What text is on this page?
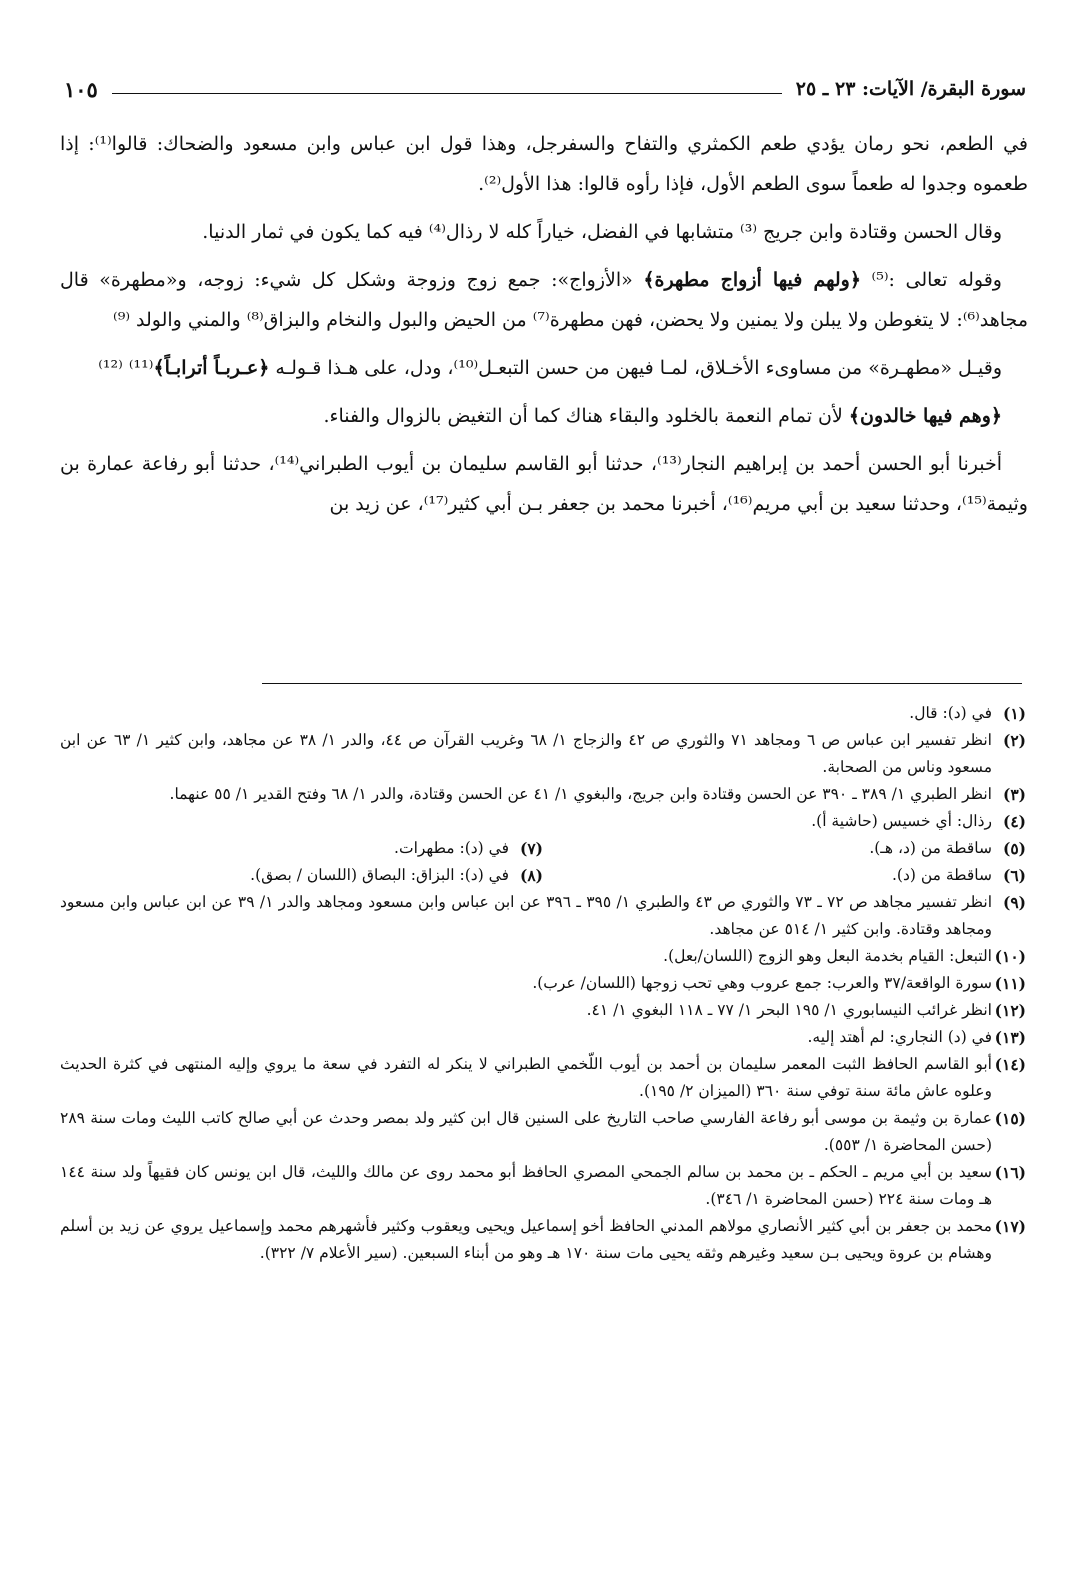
سورة البقرة/ الآيات: ٢٣ ـ ٢٥
١٠٥

في الطعم، نحو رمان يؤدي طعم الكمثري والتفاح والسفرجل، وهذا قول ابن عباس وابن مسعود والضحاك: قالوا⁽¹⁾: إذا طعموه وجدوا له طعماً سوى الطعم الأول، فإذا رأوه قالوا: هذا الأول⁽²⁾.

وقال الحسن وقتادة وابن جريج ⁽³⁾ متشابها في الفضل، خياراً كله لا رذال⁽⁴⁾ فيه كما يكون في ثمار الدنيا.

وقوله تعالى :⁽⁵⁾ ﴿ولهم فيها أزواج مطهرة﴾ «الأزواج»: جمع زوج وزوجة وشكل كل شيء: زوجه، و«مطهرة» قال مجاهد⁽⁶⁾: لا يتغوطن ولا يبلن ولا يمنين ولا يحضن، فهن مطهرة⁽⁷⁾ من الحيض والبول والنخام والبزاق⁽⁸⁾ والمني والولد ⁽⁹⁾

وقيـل «مطهـرة» من مساوىء الأخـلاق، لمـا فيهن من حسن التبعـل⁽¹⁰⁾، ودل، على هـذا قـولـه ﴿عـربـاً أترابـاً﴾⁽¹¹⁾ ⁽¹²⁾

﴿وهم فيها خالدون﴾ لأن تمام النعمة بالخلود والبقاء هناك كما أن التغيض بالزوال والفناء.

أخبرنا أبو الحسن أحمد بن إبراهيم النجار⁽¹³⁾، حدثنا أبو القاسم سليمان بن أيوب الطبراني⁽¹⁴⁾، حدثنا أبو رفاعة عمارة بن وثيمة⁽¹⁵⁾، وحدثنا سعيد بن أبي مريم⁽¹⁶⁾، أخبرنا محمد بن جعفر بـن أبي كثير⁽¹⁷⁾، عن زيد بن

(١)
في (د): قال.
(٢)
انظر تفسير ابن عباس ص ٦ ومجاهد ٧١ والثوري ص ٤٢ والزجاج ١/ ٦٨ وغريب القرآن ص ٤٤، والدر ١/ ٣٨ عن مجاهد، وابن كثير ١/ ٦٣ عن ابن مسعود وناس من الصحابة.
(٣)
انظر الطبري ١/ ٣٨٩ ـ ٣٩٠ عن الحسن وقتادة وابن جريج، والبغوي ١/ ٤١ عن الحسن وقتادة، والدر ١/ ٦٨ وفتح القدير ١/ ٥٥ عنهما.
(٤)
رذال: أي خسيس (حاشية أ).
(٥)
ساقطة من (د، هـ).
(٧)
في (د): مطهرات.
(٦)
ساقطة من (د).
(٨)
في (د): البزاق: البصاق (اللسان / بصق).
(٩)
انظر تفسير مجاهد ص ٧٢ ـ ٧٣ والثوري ص ٤٣ والطبري ١/ ٣٩٥ ـ ٣٩٦ عن ابن عباس وابن مسعود ومجاهد والدر ١/ ٣٩ عن ابن عباس وابن مسعود ومجاهد وقتادة. وابن كثير ١/ ٥١٤ عن مجاهد.
(١٠)
التبعل: القيام بخدمة البعل وهو الزوج (اللسان/بعل).
(١١)
سورة الواقعة/٣٧ والعرب: جمع عروب وهي تحب زوجها (اللسان/ عرب).
(١٢)
انظر غرائب النيسابوري ١/ ١٩٥ البحر ١/ ٧٧ ـ ١١٨ البغوي ١/ ٤١.
(١٣)
في (د) النجاري: لم أهتد إليه.
(١٤)
أبو القاسم الحافظ الثبت المعمر سليمان بن أحمد بن أيوب اللّخمي الطبراني لا ينكر له التفرد في سعة ما يروي وإليه المنتهى في كثرة الحديث وعلوه عاش مائة سنة توفي سنة ٣٦٠ (الميزان ٢/ ١٩٥).
(١٥)
عمارة بن وثيمة بن موسى أبو رفاعة الفارسي صاحب التاريخ على السنين قال ابن كثير ولد بمصر وحدث عن أبي صالح كاتب الليث ومات سنة ٢٨٩ (حسن المحاضرة ١/ ٥٥٣).
(١٦)
سعيد بن أبي مريم ـ الحكم ـ بن محمد بن سالم الجمحي المصري الحافظ أبو محمد روى عن مالك والليث، قال ابن يونس كان فقيهاً ولد سنة ١٤٤ هـ ومات سنة ٢٢٤ (حسن المحاضرة ١/ ٣٤٦).
(١٧)
محمد بن جعفر بن أبي كثير الأنصاري مولاهم المدني الحافظ أخو إسماعيل ويحيى ويعقوب وكثير فأشهرهم محمد وإسماعيل يروي عن زيد بن أسلم وهشام بن عروة ويحيى بـن سعيد وغيرهم وثقه يحيى مات سنة ١٧٠ هـ وهو من أبناء السبعين. (سير الأعلام ٧/ ٣٢٢).
